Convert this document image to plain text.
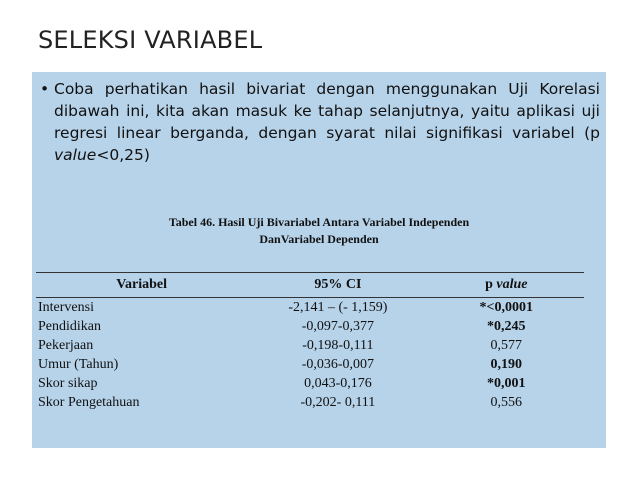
SELEKSI VARIABEL
• Coba perhatikan hasil bivariat dengan menggunakan Uji Korelasi dibawah ini, kita akan masuk ke tahap selanjutnya, yaitu aplikasi uji regresi linear berganda, dengan syarat nilai signifikasi variabel (p value<0,25)
Tabel 46. Hasil Uji Bivariabel Antara Variabel Independen
DanVariabel Dependen
Variabel	95% CI	p value
Intervensi	-2,141 – (- 1,159)	*<0,0001
Pendidikan	-0,097-0,377	*0,245
Pekerjaan	-0,198-0,111	0,577
Umur (Tahun)	-0,036-0,007	0,190
Skor sikap	0,043-0,176	*0,001
Skor Pengetahuan	-0,202- 0,111	0,556
